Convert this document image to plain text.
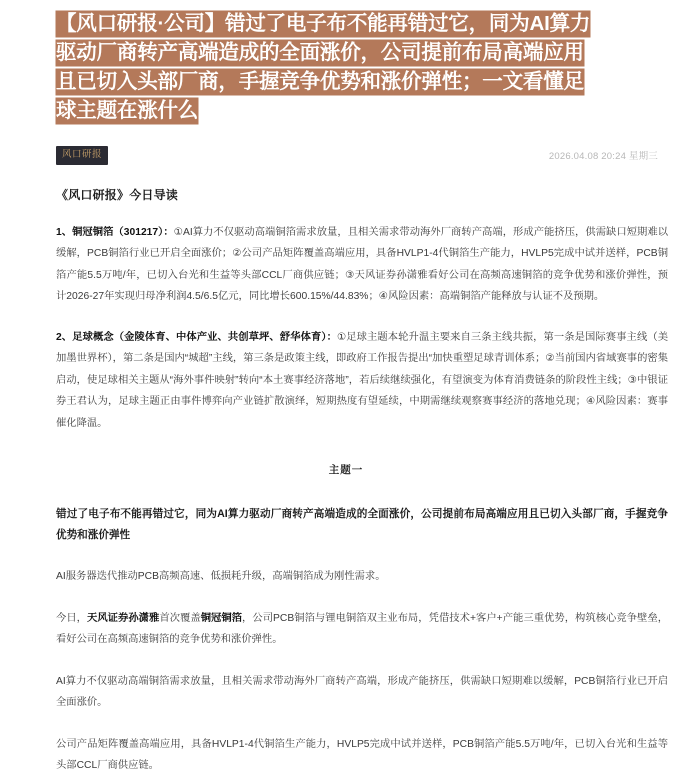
【风口研报·公司】错过了电子布不能再错过它，同为AI算力
驱动厂商转产高端造成的全面涨价，公司提前布局高端应用
且已切入头部厂商，手握竞争优势和涨价弹性；一文看懂足
球主题在涨什么
风口研报	2026.04.08 20:24 星期三
《风口研报》今日导读
1、铜冠铜箔（301217）：①AI算力不仅驱动高端铜箔需求放量，且相关需求带动海外厂商转产高端，形成产能挤压，供需缺口短期难以缓解，PCB铜箔行业已开启全面涨价；②公司产品矩阵覆盖高端应用，具备HVLP1-4代铜箔生产能力，HVLP5完成中试并送样，PCB铜箔产能5.5万吨/年，已切入台光和生益等头部CCL厂商供应链；③天风证券孙潇雅看好公司在高频高速铜箔的竞争优势和涨价弹性，预计2026-27年实现归母净利润4.5/6.5亿元，同比增长600.15%/44.83%；④风险因素：高端铜箔产能释放与认证不及预期。
2、足球概念（金陵体育、中体产业、共创草坪、舒华体育）：①足球主题本轮升温主要来自三条主线共振，第一条是国际赛事主线（美加墨世界杯），第二条是国内“城超”主线，第三条是政策主线，即政府工作报告提出“加快重塑足球青训体系；②当前国内省域赛事的密集启动，使足球相关主题从“海外事件映射”转向“本土赛事经济落地”，若后续继续强化，有望演变为体育消费链条的阶段性主线；③中银证券王君认为，足球主题正由事件博弈向产业链扩散演绎，短期热度有望延续，中期需继续观察赛事经济的落地兑现；④风险因素：赛事催化降温。
主题一
错过了电子布不能再错过它，同为AI算力驱动厂商转产高端造成的全面涨价，公司提前布局高端应用且已切入头部厂商，手握竞争优势和涨价弹性

AI服务器迭代推动PCB高频高速、低损耗升级，高端铜箔成为刚性需求。

今日，天风证券孙潇雅首次覆盖铜冠铜箔，公司PCB铜箔与锂电铜箔双主业布局，凭借技术+客户+产能三重优势，构筑核心竞争壁垒，看好公司在高频高速铜箔的竞争优势和涨价弹性。

AI算力不仅驱动高端铜箔需求放量，且相关需求带动海外厂商转产高端，形成产能挤压，供需缺口短期难以缓解，PCB铜箔行业已开启全面涨价。

公司产品矩阵覆盖高端应用，具备HVLP1-4代铜箔生产能力，HVLP5完成中试并送样，PCB铜箔产能5.5万吨/年，已切入台光和生益等头部CCL厂商供应链。
